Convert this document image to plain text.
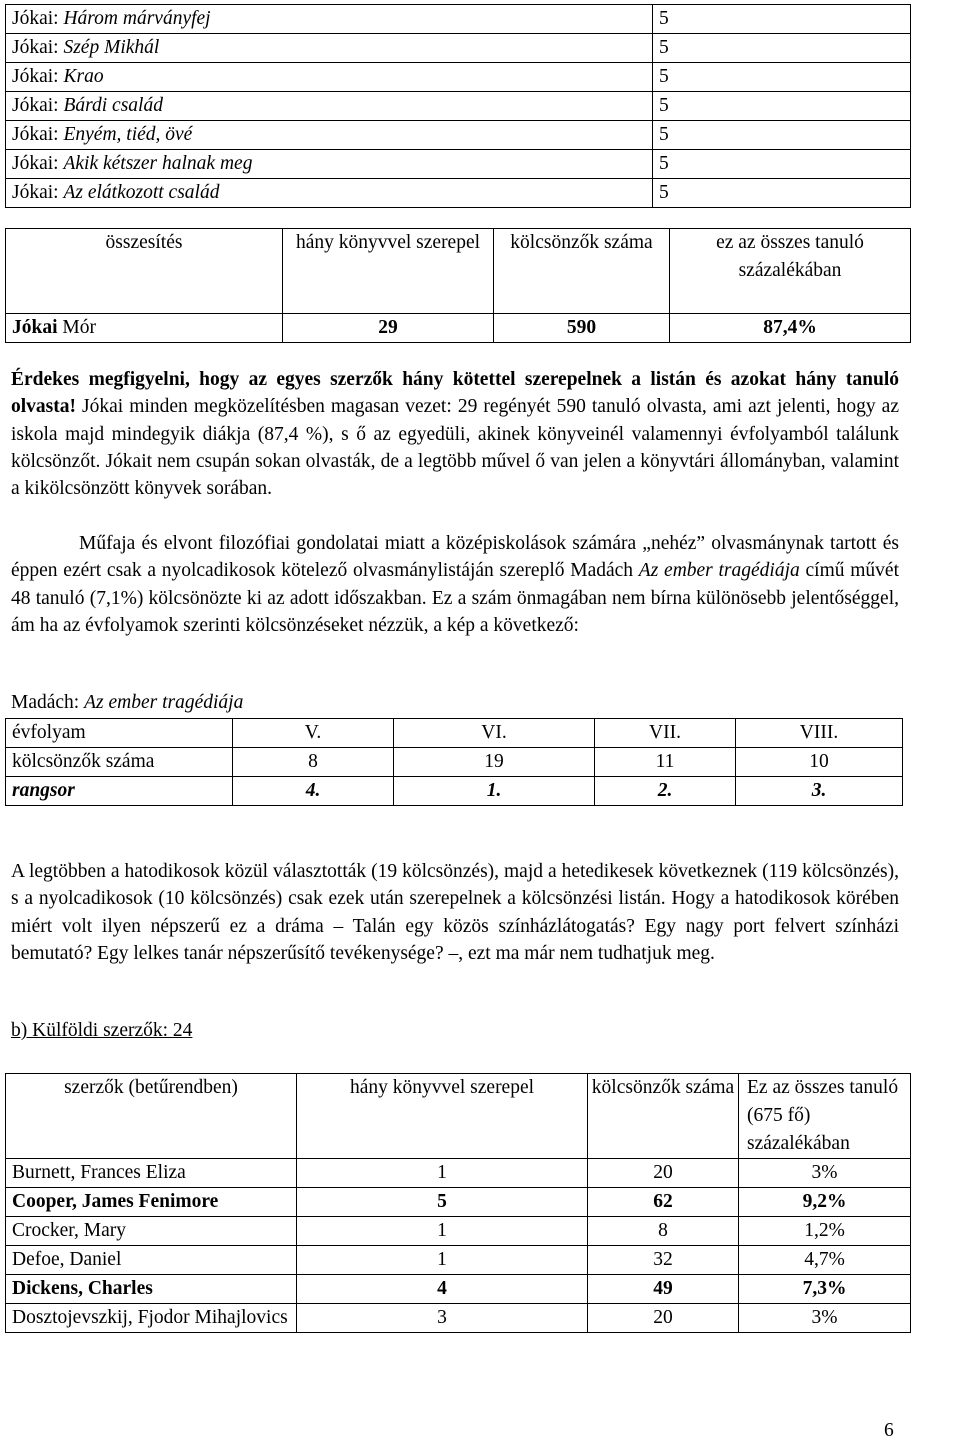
Jókai: Három márványfej	5
Jókai: Szép Mikhál	5
Jókai: Krao	5
Jókai: Bárdi család	5
Jókai: Enyém, tiéd, övé	5
Jókai: Akik kétszer halnak meg	5
Jókai: Az elátkozott család	5
összesítés	hány könyvvel szerepel	kölcsönzők száma	ez az összes tanuló százalékában
Jókai Mór	29	590	87,4%
Érdekes megfigyelni, hogy az egyes szerzők hány kötettel szerepelnek a listán és azokat hány tanuló olvasta! Jókai minden megközelítésben magasan vezet: 29 regényét 590 tanuló olvasta, ami azt jelenti, hogy az iskola majd mindegyik diákja (87,4 %), s ő az egyedüli, akinek könyveinél valamennyi évfolyamból találunk kölcsönzőt. Jókait nem csupán sokan olvasták, de a legtöbb művel ő van jelen a könyvtári állományban, valamint a kikölcsönzött könyvek sorában.
Műfaja és elvont filozófiai gondolatai miatt a középiskolások számára „nehéz” olvasmánynak tartott és éppen ezért csak a nyolcadikosok kötelező olvasmánylistáján szereplő Madách Az ember tragédiája című művét 48 tanuló (7,1%) kölcsönözte ki az adott időszakban. Ez a szám önmagában nem bírna különösebb jelentőséggel, ám ha az évfolyamok szerinti kölcsönzéseket nézzük, a kép a következő:
Madách: Az ember tragédiája
évfolyam	V.	VI.	VII.	VIII.
kölcsönzők száma	8	19	11	10
rangsor	4.	1.	2.	3.
A legtöbben a hatodikosok közül választották (19 kölcsönzés), majd a hetedikesek következnek (119 kölcsönzés), s a nyolcadikosok (10 kölcsönzés) csak ezek után szerepelnek a kölcsönzési listán. Hogy a hatodikosok körében miért volt ilyen népszerű ez a dráma – Talán egy közös színházlátogatás? Egy nagy port felvert színházi bemutató? Egy lelkes tanár népszerűsítő tevékenysége? –, ezt ma már nem tudhatjuk meg.
b) Külföldi szerzők: 24
szerzők (betűrendben)	hány könyvvel szerepel	kölcsönzők száma	Ez az összes tanuló (675 fő) százalékában
Burnett, Frances Eliza	1	20	3%
Cooper, James Fenimore	5	62	9,2%
Crocker, Mary	1	8	1,2%
Defoe, Daniel	1	32	4,7%
Dickens, Charles	4	49	7,3%
Dosztojevszkij, Fjodor Mihajlovics	3	20	3%
6
